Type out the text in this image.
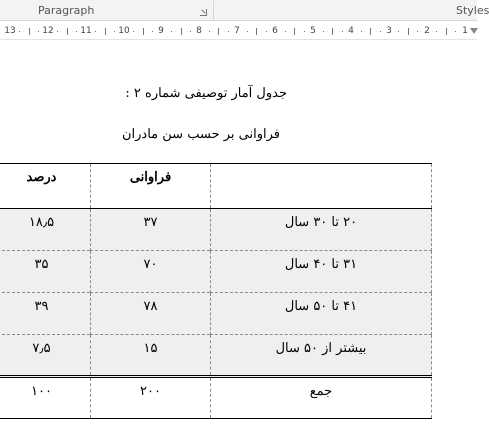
Paragraph	Styles
13	12	11	10	9	8	7	6	5	4	3	2	1
جدول آمار توصیفی شماره ۲ :
فراوانی بر حسب سن مادران
	فراوانی	درصد
۲۰ تا ۳۰ سال	۳۷	۱۸٫۵
۳۱ تا ۴۰ سال	۷۰	۳۵
۴۱ تا ۵۰ سال	۷۸	۳۹
بیشتر از ۵۰ سال	۱۵	۷٫۵
جمع	۲۰۰	۱۰۰
